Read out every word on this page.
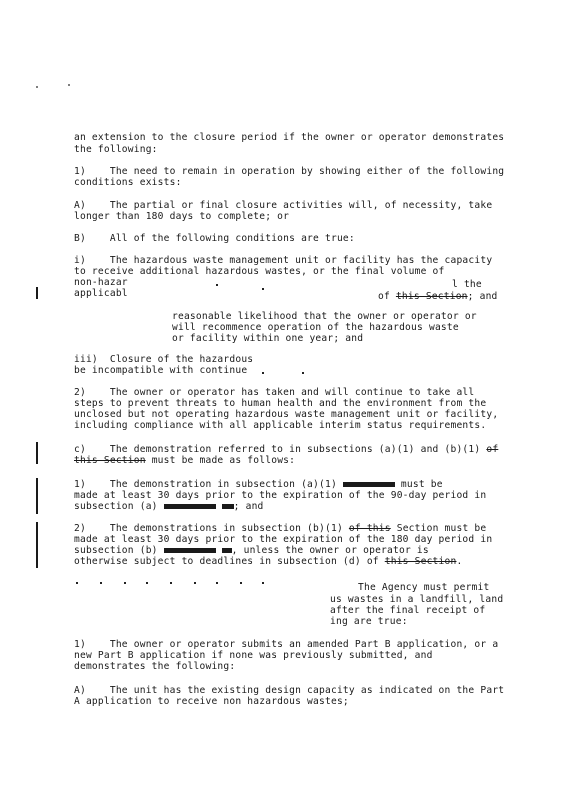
an extension to the closure period if the owner or operator demonstrates
the following:
1)    The need to remain in operation by showing either of the following
conditions exists:
A)    The partial or final closure activities will, of necessity, take
longer than 180 days to complete; or
B)    All of the following conditions are true:
i)    The hazardous waste management unit or facility has the capacity
to receive additional hazardous wastes, or the final volume of
non-hazar	l the
applicabl	of this Section; and
reasonable likelihood that the owner or operator or
will recommence operation of the hazardous waste
or facility within one year; and
iii)  Closure of the hazardous
be incompatible with continue
2)    The owner or operator has taken and will continue to take all
steps to prevent threats to human health and the environment from the
unclosed but not operating hazardous waste management unit or facility,
including compliance with all applicable interim status requirements.
c)    The demonstration referred to in subsections (a)(1) and (b)(1) of
this Section must be made as follows:
1)    The demonstration in subsection (a)(1)	must be
made at least 30 days prior to the expiration of the 90-day period in
subsection (a)	; and
2)    The demonstrations in subsection (b)(1) of this Section must be
made at least 30 days prior to the expiration of the 180 day period in
subsection (b)	, unless the owner or operator is
otherwise subject to deadlines in subsection (d) of this Section.
The Agency must permit
us wastes in a landfill, land
after the final receipt of
ing are true:
1)    The owner or operator submits an amended Part B application, or a
new Part B application if none was previously submitted, and
demonstrates the following:
A)    The unit has the existing design capacity as indicated on the Part
A application to receive non hazardous wastes;
